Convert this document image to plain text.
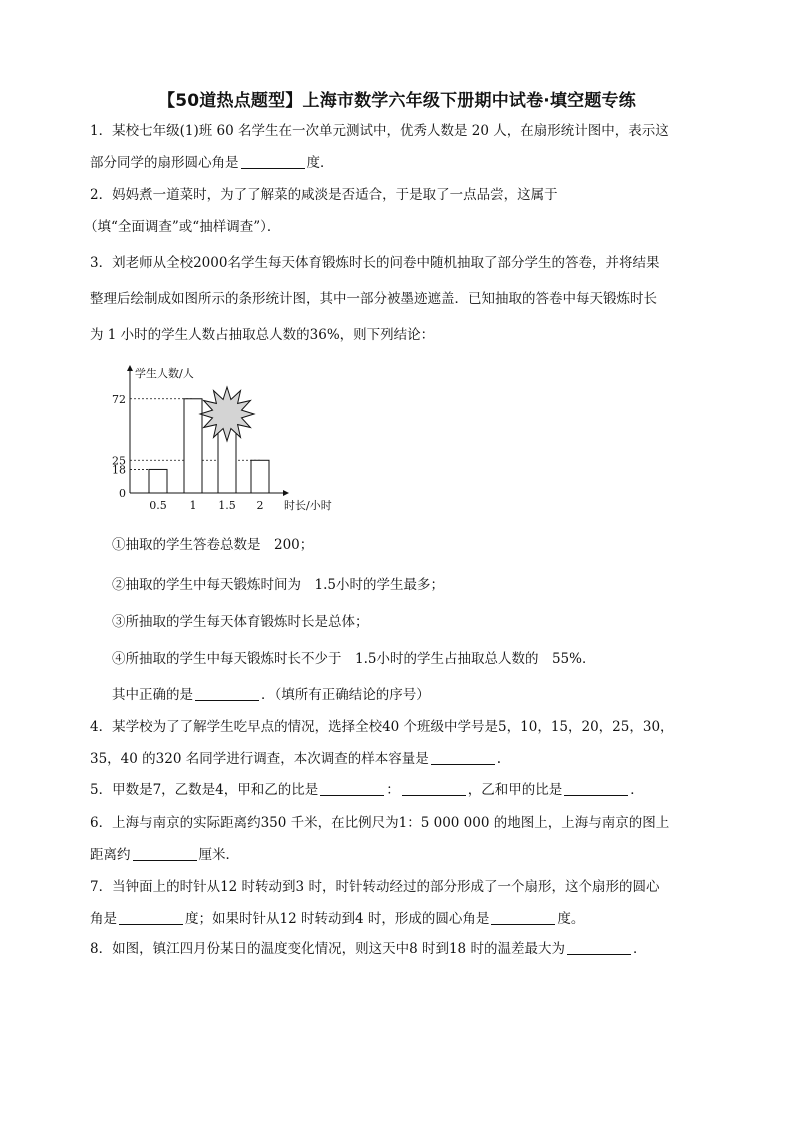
【50道热点题型】上海市数学六年级下册期中试卷·填空题专练
1．某校七年级(1)班 60 名学生在一次单元测试中，优秀人数是 20 人，在扇形统计图中，表示这
部分同学的扇形圆心角是	度．
2．妈妈煮一道菜时，为了了解菜的咸淡是否适合，于是取了一点品尝，这属于
（填“全面调查”或“抽样调查”）．
3．刘老师从全校2000名学生每天体育锻炼时长的问卷中随机抽取了部分学生的答卷，并将结果
整理后绘制成如图所示的条形统计图，其中一部分被墨迹遮盖．已知抽取的答卷中每天锻炼时长
为 1 小时的学生人数占抽取总人数的36%，则下列结论：
学生人数/人
时长/小时
0
18
25
72
0.5 1 1.5 2
①抽取的学生答卷总数是　200；
②抽取的学生中每天锻炼时间为　1.5小时的学生最多；
③所抽取的学生每天体育锻炼时长是总体；
④所抽取的学生中每天锻炼时长不少于　1.5小时的学生占抽取总人数的　55%．
其中正确的是	．（填所有正确结论的序号）
4．某学校为了了解学生吃早点的情况，选择全校40 个班级中学号是5，10，15，20，25，30，
35，40 的320 名同学进行调查，本次调查的样本容量是	.
5．甲数是7，乙数是4，甲和乙的比是	：	，乙和甲的比是	．
6．上海与南京的实际距离约350 千米，在比例尺为1：5 000 000 的地图上，上海与南京的图上
距离约	厘米．
7．当钟面上的时针从12 时转动到3 时，时针转动经过的部分形成了一个扇形，这个扇形的圆心
角是	度；如果时针从12 时转动到4 时，形成的圆心角是	度。
8．如图，镇江四月份某日的温度变化情况，则这天中8 时到18 时的温差最大为	．
